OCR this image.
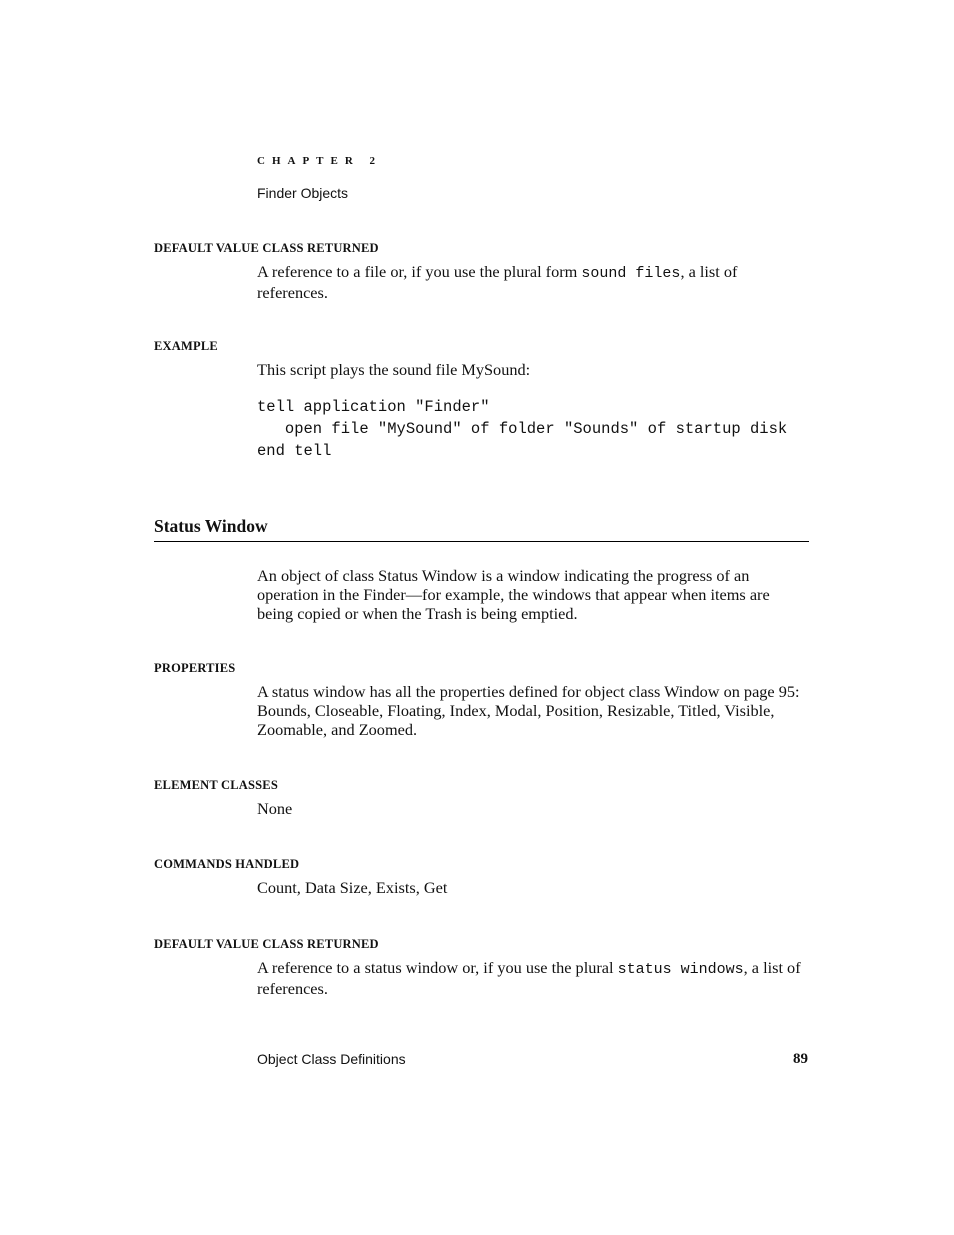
CHAPTER 2
Finder Objects
DEFAULT VALUE CLASS RETURNED
A reference to a file or, if you use the plural form sound files, a list of references.
EXAMPLE
This script plays the sound file MySound:
tell application "Finder"
open file "MySound" of folder "Sounds" of startup disk
end tell
Status Window
An object of class Status Window is a window indicating the progress of an operation in the Finder—for example, the windows that appear when items are being copied or when the Trash is being emptied.
PROPERTIES
A status window has all the properties defined for object class Window on page 95: Bounds, Closeable, Floating, Index, Modal, Position, Resizable, Titled, Visible, Zoomable, and Zoomed.
ELEMENT CLASSES
None
COMMANDS HANDLED
Count, Data Size, Exists, Get
DEFAULT VALUE CLASS RETURNED
A reference to a status window or, if you use the plural status windows, a list of references.
Object Class Definitions	89
